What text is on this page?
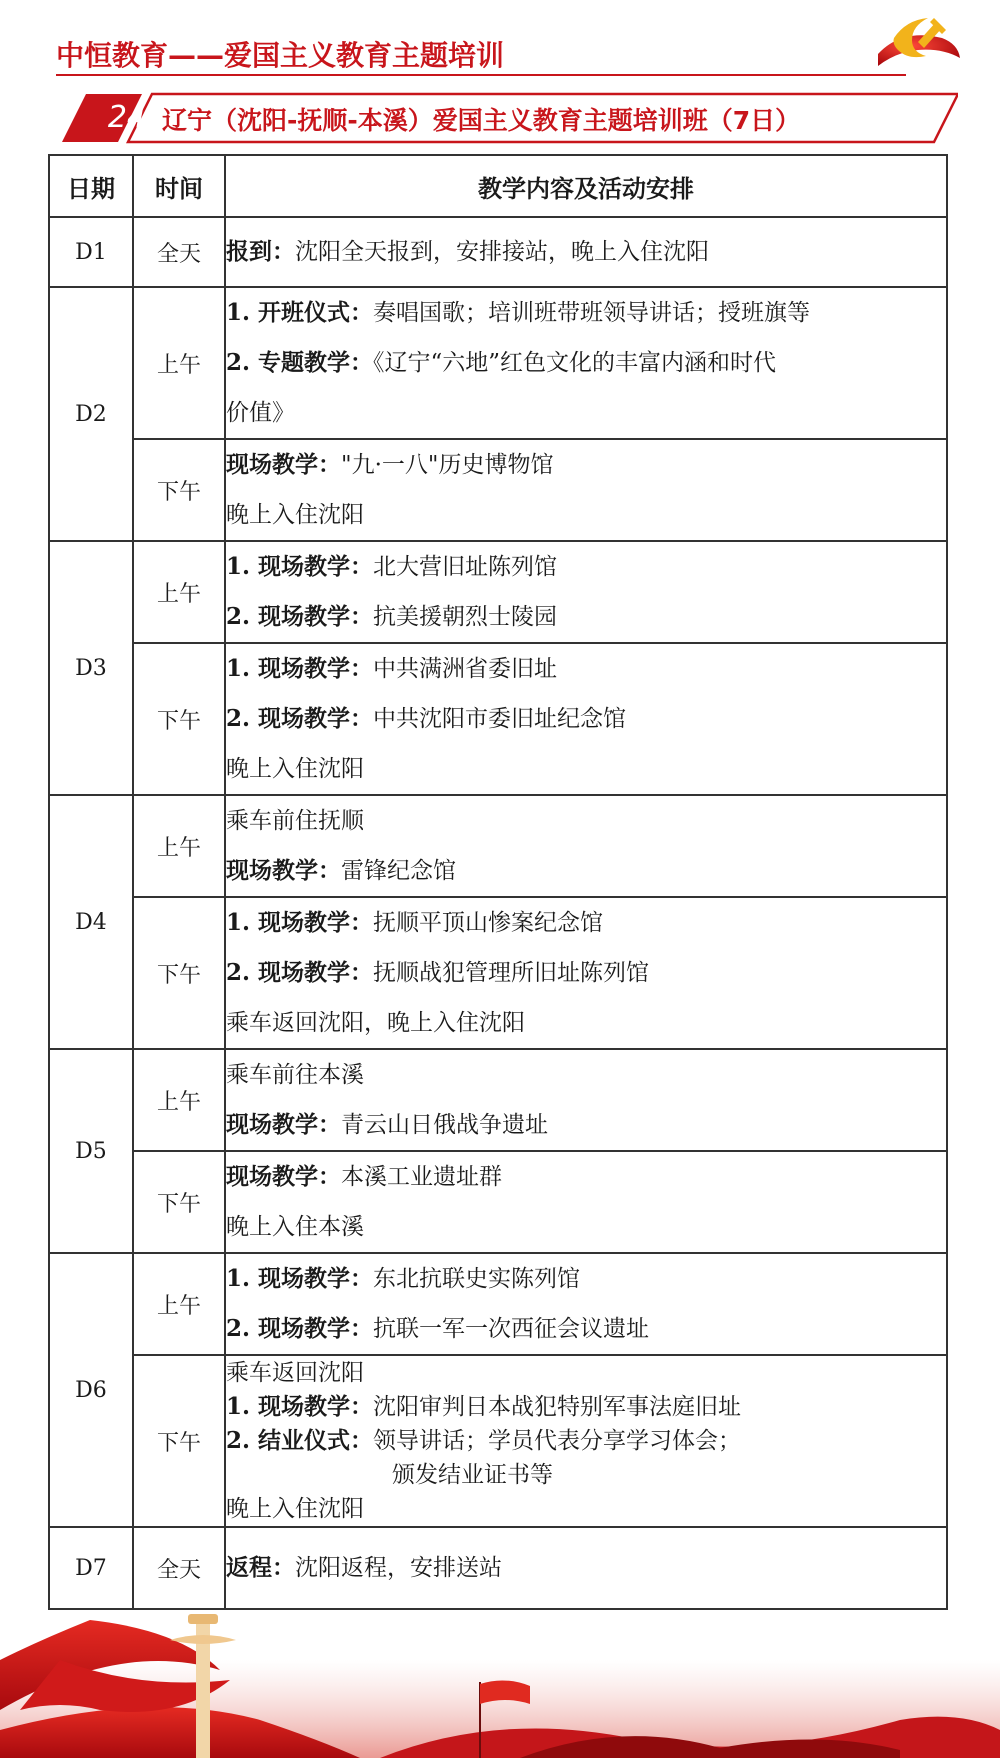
中恒教育——爱国主义教育主题培训
24 辽宁（沈阳-抚顺-本溪）爱国主义教育主题培训班（7日）
日期	时间	教学内容及活动安排
D1	全天	报到：沈阳全天报到，安排接站，晚上入住沈阳

D2	上午	1. 开班仪式：奏唱国歌；培训班带班领导讲话；授班旗等
2. 专题教学：《辽宁“六地”红色文化的丰富内涵和时代
价值》

	下午	现场教学："九·一八"历史博物馆
晚上入住沈阳

D3	上午	1. 现场教学：北大营旧址陈列馆
2. 现场教学：抗美援朝烈士陵园

	下午	1. 现场教学：中共满洲省委旧址
2. 现场教学：中共沈阳市委旧址纪念馆
晚上入住沈阳

D4	上午	乘车前住抚顺
现场教学：雷锋纪念馆

	下午	1. 现场教学：抚顺平顶山惨案纪念馆
2. 现场教学：抚顺战犯管理所旧址陈列馆
乘车返回沈阳，晚上入住沈阳

D5	上午	乘车前往本溪
现场教学：青云山日俄战争遗址

	下午	现场教学：本溪工业遗址群
晚上入住本溪

D6	上午	1. 现场教学：东北抗联史实陈列馆
2. 现场教学：抗联一军一次西征会议遗址

	下午	乘车返回沈阳
1. 现场教学：沈阳审判日本战犯特别军事法庭旧址
2. 结业仪式：领导讲话；学员代表分享学习体会；
颁发结业证书等
晚上入住沈阳

D7	全天	返程：沈阳返程，安排送站
